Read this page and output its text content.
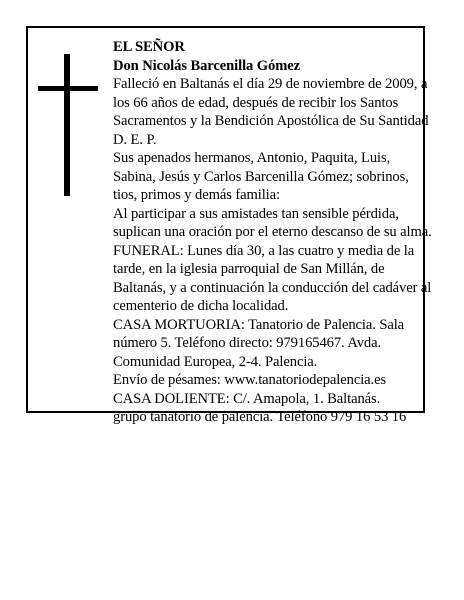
EL SEÑOR
Don Nicolás Barcenilla Gómez
Falleció en Baltanás el día 29 de noviembre de 2009, a
los 66 años de edad, después de recibir los Santos
Sacramentos y la Bendición Apostólica de Su Santidad
D. E. P.
Sus apenados hermanos, Antonio, Paquita, Luis,
Sabina, Jesús y Carlos Barcenilla Gómez; sobrinos,
tios, primos y demás familia:
Al participar a sus amistades tan sensible pérdida,
suplican una oración por el eterno descanso de su alma.
FUNERAL: Lunes día 30, a las cuatro y media de la
tarde, en la iglesia parroquial de San Millán, de
Baltanás, y a continuación la conducción del cadáver al
cementerio de dicha localidad.
CASA MORTUORIA: Tanatorio de Palencia. Sala
número 5. Teléfono directo: 979165467. Avda.
Comunidad Europea, 2-4. Palencia.
Envío de pésames: www.tanatoriodepalencia.es
CASA DOLIENTE: C/. Amapola, 1. Baltanás.
grupo tanatorio de palencia. Teléfono 979 16 53 16
